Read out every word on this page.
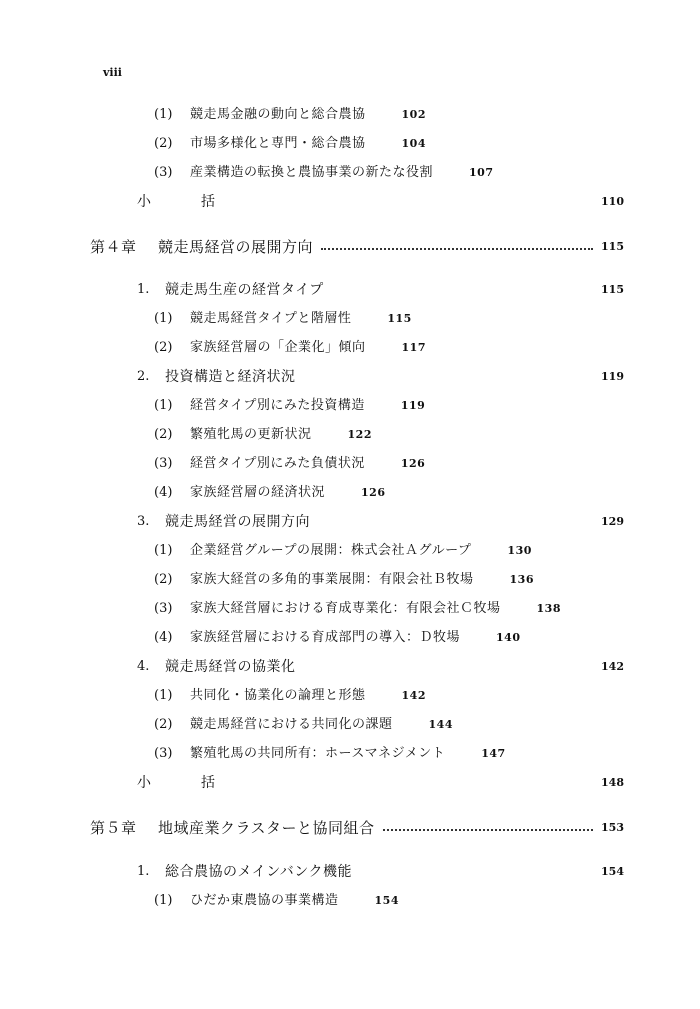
viii
(1) 競走馬金融の動向と総合農協	102
(2) 市場多様化と専門・総合農協	104
(3) 産業構造の転換と農協事業の新たな役割	107
小	括	110
第４章 競走馬経営の展開方向	115
1. 競走馬生産の経営タイプ	115
(1) 競走馬経営タイプと階層性	115
(2) 家族経営層の「企業化」傾向	117
2. 投資構造と経済状況	119
(1) 経営タイプ別にみた投資構造	119
(2) 繁殖牝馬の更新状況	122
(3) 経営タイプ別にみた負債状況	126
(4) 家族経営層の経済状況	126
3. 競走馬経営の展開方向	129
(1) 企業経営グループの展開：株式会社Ａグループ	130
(2) 家族大経営の多角的事業展開：有限会社Ｂ牧場	136
(3) 家族大経営層における育成専業化：有限会社Ｃ牧場	138
(4) 家族経営層における育成部門の導入：Ｄ牧場	140
4. 競走馬経営の協業化	142
(1) 共同化・協業化の論理と形態	142
(2) 競走馬経営における共同化の課題	144
(3) 繁殖牝馬の共同所有：ホースマネジメント	147
小	括	148
第５章 地域産業クラスターと協同組合	153
1. 総合農協のメインバンク機能	154
(1) ひだか東農協の事業構造	154
